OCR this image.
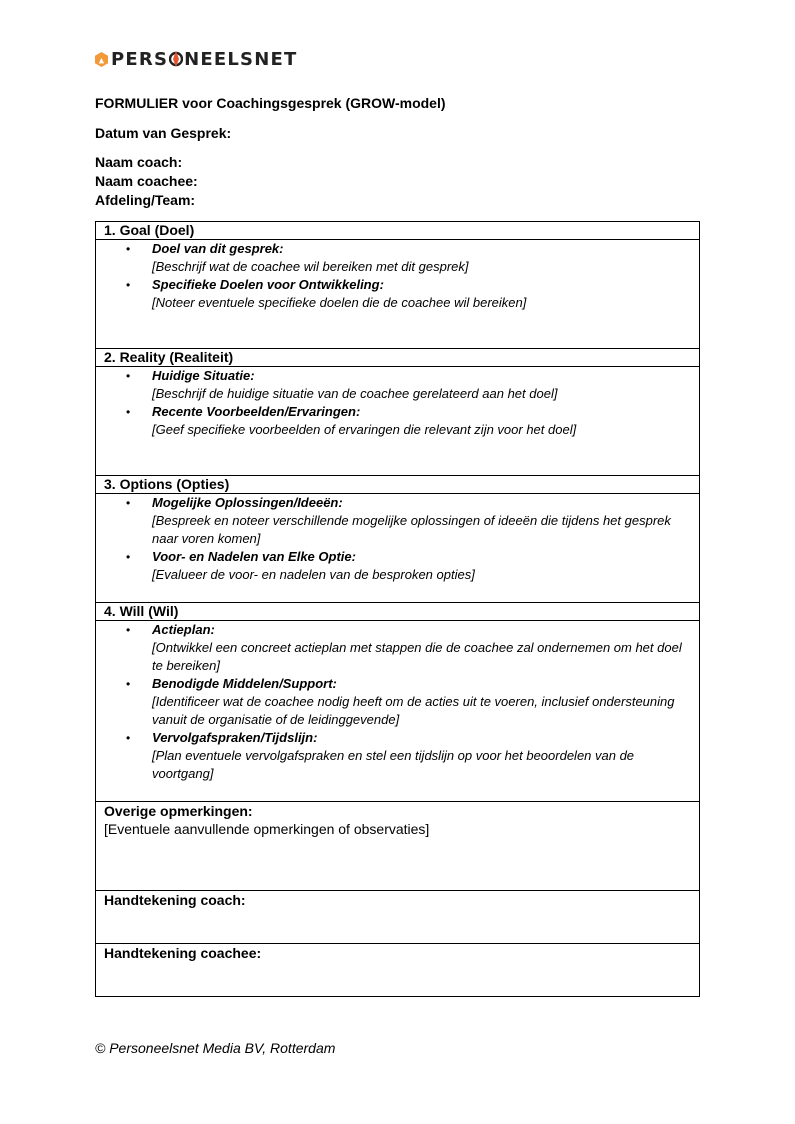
▲ PERS NEELSNET
FORMULIER voor Coachingsgesprek (GROW-model)
Datum van Gesprek:
Naam coach:
Naam coachee:
Afdeling/Team:
1. Goal (Doel)

• Doel van dit gesprek:
[Beschrijf wat de coachee wil bereiken met dit gesprek]
• Specifieke Doelen voor Ontwikkeling:
[Noteer eventuele specifieke doelen die de coachee wil bereiken]

2. Reality (Realiteit)

• Huidige Situatie:
[Beschrijf de huidige situatie van de coachee gerelateerd aan het doel]
• Recente Voorbeelden/Ervaringen:
[Geef specifieke voorbeelden of ervaringen die relevant zijn voor het doel]

3. Options (Opties)

• Mogelijke Oplossingen/Ideeën:
[Bespreek en noteer verschillende mogelijke oplossingen of ideeën die tijdens het gesprek naar voren komen]
• Voor- en Nadelen van Elke Optie:
[Evalueer de voor- en nadelen van de besproken opties]

4. Will (Wil)

• Actieplan:
[Ontwikkel een concreet actieplan met stappen die de coachee zal ondernemen om het doel te bereiken]
• Benodigde Middelen/Support:
[Identificeer wat de coachee nodig heeft om de acties uit te voeren, inclusief ondersteuning vanuit de organisatie of de leidinggevende]
• Vervolgafspraken/Tijdslijn:
[Plan eventuele vervolgafspraken en stel een tijdslijn op voor het beoordelen van de voortgang]

Overige opmerkingen:
[Eventuele aanvullende opmerkingen of observaties]

Handtekening coach:

Handtekening coachee:
© Personeelsnet Media BV, Rotterdam
